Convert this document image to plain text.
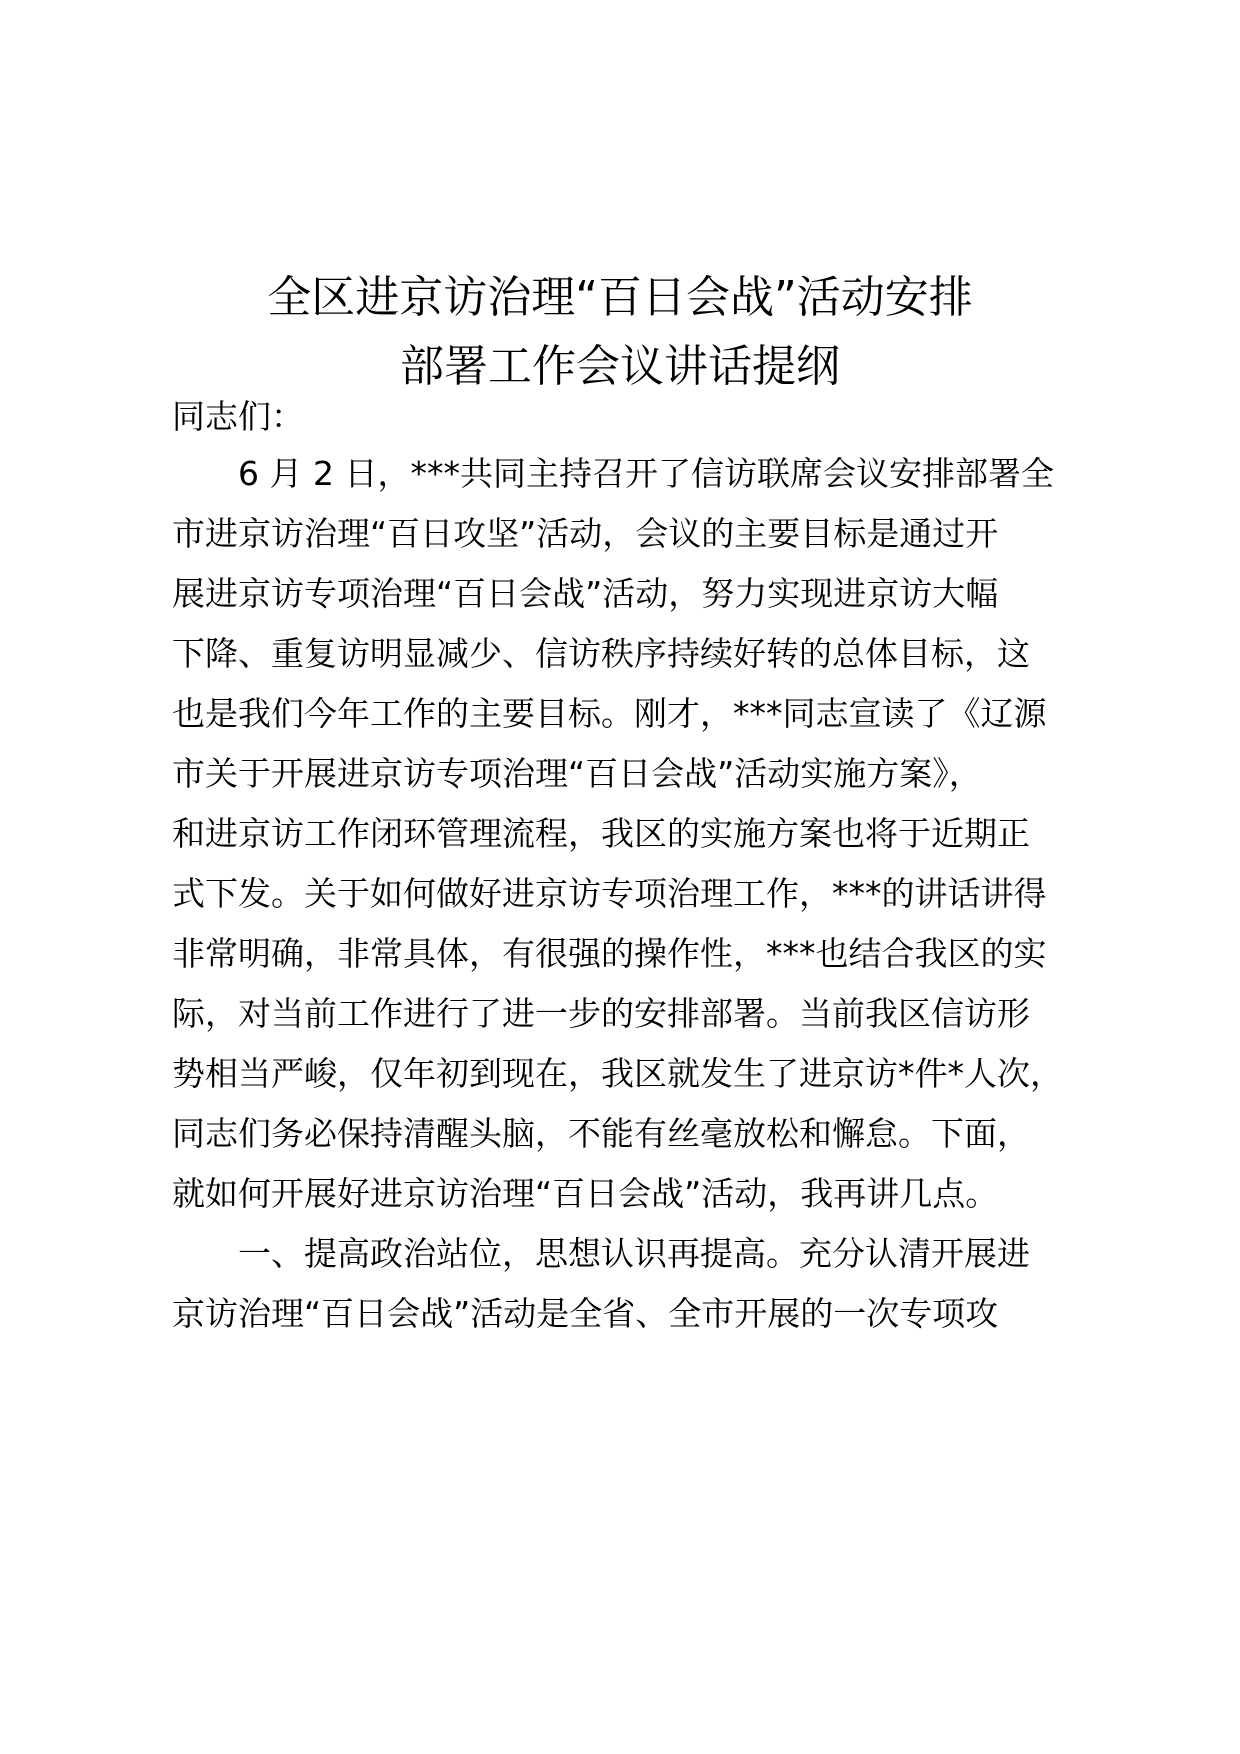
全区进京访治理“百日会战”活动安排
部署工作会议讲话提纲
同志们：
6 月 2 日，***共同主持召开了信访联席会议安排部署全
市进京访治理“百日攻坚”活动，会议的主要目标是通过开
展进京访专项治理“百日会战”活动，努力实现进京访大幅
下降、重复访明显减少、信访秩序持续好转的总体目标，这
也是我们今年工作的主要目标。刚才，***同志宣读了《辽源
市关于开展进京访专项治理“百日会战”活动实施方案》，
和进京访工作闭环管理流程，我区的实施方案也将于近期正
式下发。关于如何做好进京访专项治理工作，***的讲话讲得
非常明确，非常具体，有很强的操作性，***也结合我区的实
际，对当前工作进行了进一步的安排部署。当前我区信访形
势相当严峻，仅年初到现在，我区就发生了进京访*件*人次，
同志们务必保持清醒头脑，不能有丝毫放松和懈怠。下面，
就如何开展好进京访治理“百日会战”活动，我再讲几点。
一、提高政治站位，思想认识再提高。充分认清开展进
京访治理“百日会战”活动是全省、全市开展的一次专项攻
